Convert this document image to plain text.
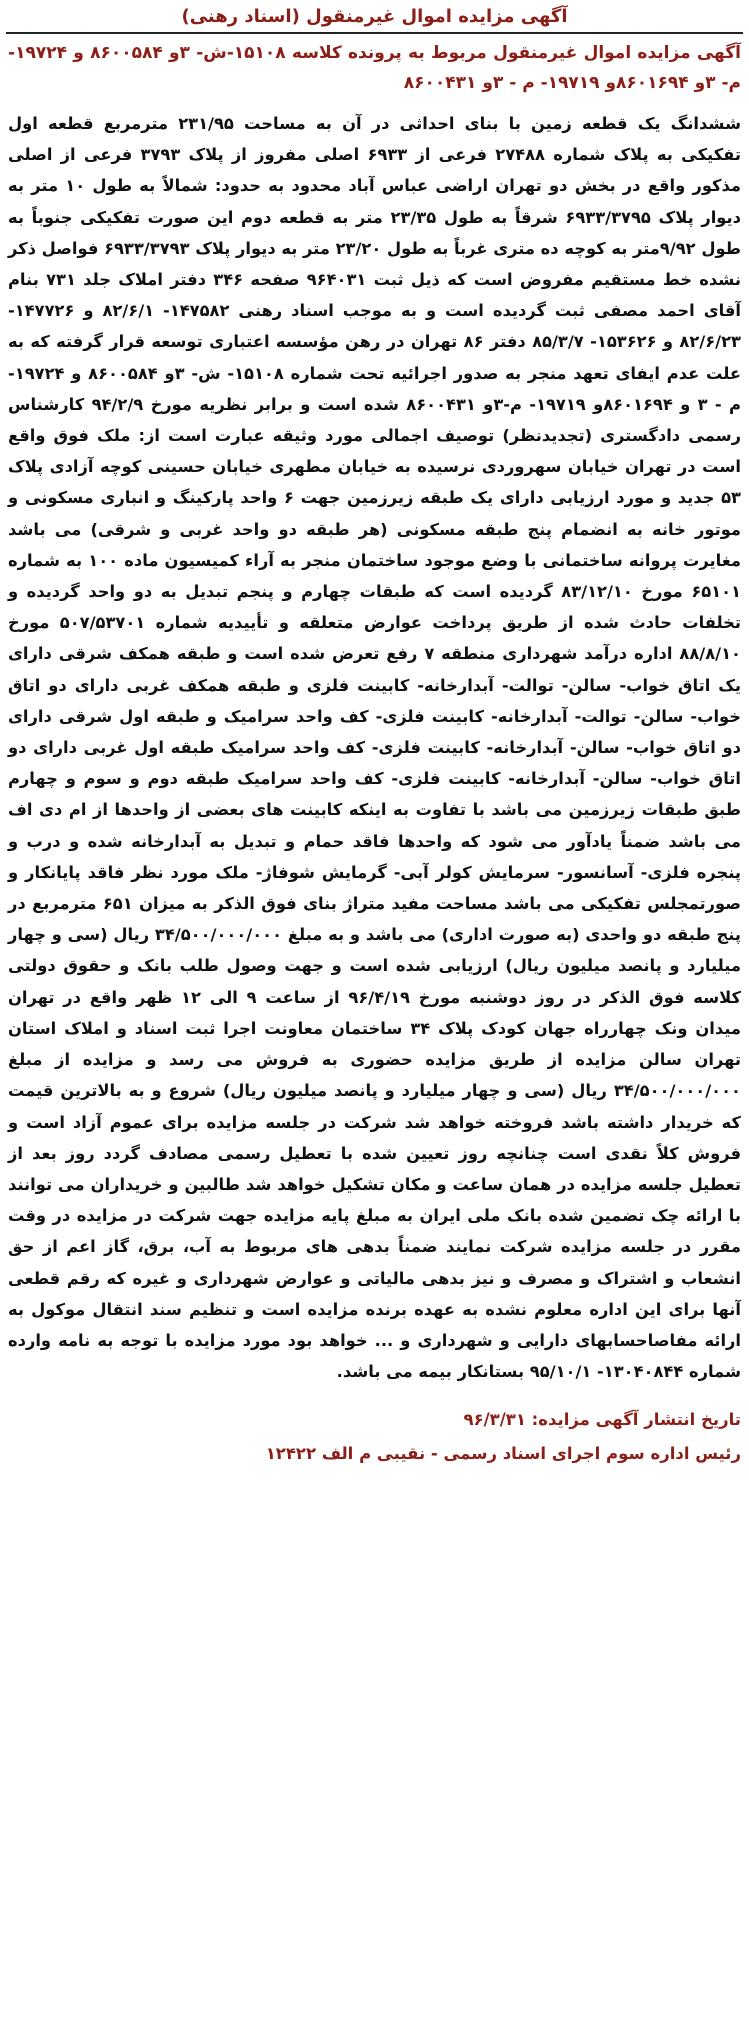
آگهی مزایده اموال غیرمنقول (اسناد رهنی)
آگهی مزایده اموال غیرمنقول مربوط به پرونده کلاسه ۱۵۱۰۸-ش- ۳و ۸۶۰۰۵۸۴ و ۱۹۷۲۴- م- ۳و ۸۶۰۱۶۹۴و ۱۹۷۱۹- م - ۳و ۸۶۰۰۴۳۱
ششدانگ یک قطعه زمین با بنای احداثی در آن به مساحت ۲۳۱/۹۵ مترمربع قطعه اول تفکیکی به پلاک شماره ۲۷۴۸۸ فرعی از ۶۹۳۳ اصلی مفروز از پلاک ۳۷۹۳ فرعی از اصلی مذکور واقع در بخش دو تهران اراضی عباس آباد محدود به حدود: شمالاً به طول ۱۰ متر به دیوار پلاک ۶۹۳۳/۳۷۹۵ شرقاً به طول ۲۳/۳۵ متر به قطعه دوم این صورت تفکیکی جنوباً به طول ۹/۹۲متر به کوچه ده متری غرباً به طول ۲۳/۲۰ متر به دیوار پلاک ۶۹۳۳/۳۷۹۳ فواصل ذکر نشده خط مستقیم مفروض است که ذیل ثبت ۹۶۴۰۳۱ صفحه ۳۴۶ دفتر املاک جلد ۷۳۱ بنام آقای احمد مصفی ثبت گردیده است و به موجب اسناد رهنی ۱۴۷۵۸۲- ۸۲/۶/۱ و ۱۴۷۷۲۶- ۸۲/۶/۲۳ و ۱۵۳۶۲۶- ۸۵/۳/۷ دفتر ۸۶ تهران در رهن مؤسسه اعتباری توسعه قرار گرفته که به علت عدم ایفای تعهد منجر به صدور اجرائیه تحت شماره ۱۵۱۰۸- ش- ۳و ۸۶۰۰۵۸۴ و ۱۹۷۲۴- م - ۳ و ۸۶۰۱۶۹۴و ۱۹۷۱۹- م-۳و ۸۶۰۰۴۳۱ شده است و برابر نظریه مورخ ۹۴/۲/۹ کارشناس رسمی دادگستری (تجدیدنظر) توصیف اجمالی مورد وثیقه عبارت است از: ملک فوق واقع است در تهران خیابان سهروردی نرسیده به خیابان مطهری خیابان حسینی کوچه آزادی پلاک ۵۳ جدید و مورد ارزیابی دارای یک طبقه زیرزمین جهت ۶ واحد پارکینگ و انباری مسکونی و موتور خانه به انضمام پنج طبقه مسکونی (هر طبقه دو واحد غربی و شرقی) می باشد مغایرت پروانه ساختمانی با وضع موجود ساختمان منجر به آراء کمیسیون ماده ۱۰۰ به شماره ۶۵۱۰۱ مورخ ۸۳/۱۲/۱۰ گردیده است که طبقات چهارم و پنجم تبدیل به دو واحد گردیده و تخلفات حادث شده از طریق پرداخت عوارض متعلقه و تأییدیه شماره ۵۰۷/۵۳۷۰۱ مورخ ۸۸/۸/۱۰ اداره درآمد شهرداری منطقه ۷ رفع تعرض شده است و طبقه همکف شرقی دارای یک اتاق خواب- سالن- توالت- آبدارخانه- کابینت فلزی و طبقه همکف غربی دارای دو اتاق خواب- سالن- توالت- آبدارخانه- کابینت فلزی- کف واحد سرامیک و طبقه اول شرقی دارای دو اتاق خواب- سالن- آبدارخانه- کابینت فلزی- کف واحد سرامیک طبقه اول غربی دارای دو اتاق خواب- سالن- آبدارخانه- کابینت فلزی- کف واحد سرامیک طبقه دوم و سوم و چهارم طبق طبقات زیرزمین می باشد با تفاوت به اینکه کابینت های بعضی از واحدها از ام دی اف می باشد ضمناً یادآور می شود که واحدها فاقد حمام و تبدیل به آبدارخانه شده و درب و پنجره فلزی- آسانسور- سرمایش کولر آبی- گرمایش شوفاژ- ملک مورد نظر فاقد پایانکار و صورتمجلس تفکیکی می باشد مساحت مفید متراژ بنای فوق الذکر به میزان ۶۵۱ مترمربع در پنج طبقه دو واحدی (به صورت اداری) می باشد و به مبلغ ۳۴/۵۰۰/۰۰۰/۰۰۰ ریال (سی و چهار میلیارد و پانصد میلیون ریال) ارزیابی شده است و جهت وصول طلب بانک و حقوق دولتی کلاسه فوق الذکر در روز دوشنبه مورخ ۹۶/۴/۱۹ از ساعت ۹ الی ۱۲ ظهر واقع در تهران میدان ونک چهارراه جهان کودک پلاک ۳۴ ساختمان معاونت اجرا ثبت اسناد و املاک استان تهران سالن مزایده از طریق مزایده حضوری به فروش می رسد و مزایده از مبلغ ۳۴/۵۰۰/۰۰۰/۰۰۰ ریال (سی و چهار میلیارد و پانصد میلیون ریال) شروع و به بالاترین قیمت که خریدار داشته باشد فروخته خواهد شد شرکت در جلسه مزایده برای عموم آزاد است و فروش کلاً نقدی است چنانچه روز تعیین شده با تعطیل رسمی مصادف گردد روز بعد از تعطیل جلسه مزایده در همان ساعت و مکان تشکیل خواهد شد طالبین و خریداران می توانند با ارائه چک تضمین شده بانک ملی ایران به مبلغ پایه مزایده جهت شرکت در مزایده در وقت مقرر در جلسه مزایده شرکت نمایند ضمناً بدهی های مربوط به آب، برق، گاز اعم از حق انشعاب و اشتراک و مصرف و نیز بدهی مالیاتی و عوارض شهرداری و غیره که رقم قطعی آنها برای این اداره معلوم نشده به عهده برنده مزایده است و تنظیم سند انتقال موکول به ارائه مفاصاحسابهای دارایی و شهرداری و ... خواهد بود مورد مزایده با توجه به نامه وارده شماره ۱۳۰۴۰۸۴۴- ۹۵/۱۰/۱ بستانکار بیمه می باشد.
تاریخ انتشار آگهی مزایده: ۹۶/۳/۳۱
رئیس اداره سوم اجرای اسناد رسمی - نقیبی م الف ۱۲۴۲۲
